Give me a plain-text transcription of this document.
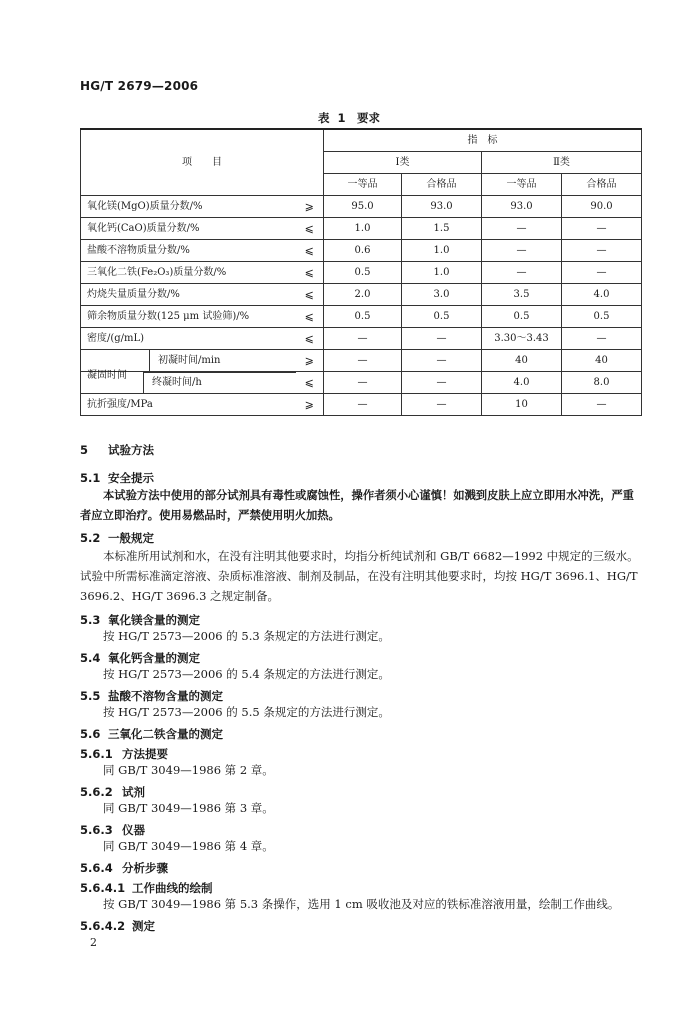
HG/T 2679—2006
表 1　要求
项　　目		指　标			
		Ⅰ类		Ⅱ类	
		一等品	合格品	一等品	合格品
氧化镁(MgO)质量分数/%	⩾	95.0	93.0	93.0	90.0
氧化钙(CaO)质量分数/%	⩽	1.0	1.5	—	—
盐酸不溶物质量分数/%	⩽	0.6	1.0	—	—
三氧化二铁(Fe₂O₃)质量分数/%	⩽	0.5	1.0	—	—
灼烧失量质量分数/%	⩽	2.0	3.0	3.5	4.0
筛余物质量分数(125 μm 试验筛)/%	⩽	0.5	0.5	0.5	0.5
密度/(g/mL)	⩽	—	—	3.30～3.43	—

凝固时间
初凝时间/min	⩾	—	—	40	40

终凝时间/h	⩽	—	—	4.0	8.0
抗折强度/MPa	⩾	—	—	10	—
5 试验方法
5.1 安全提示
本试验方法中使用的部分试剂具有毒性或腐蚀性，操作者须小心谨慎！如溅到皮肤上应立即用水冲洗，严重者应立即治疗。使用易燃品时，严禁使用明火加热。
5.2 一般规定
本标准所用试剂和水，在没有注明其他要求时，均指分析纯试剂和 GB/T 6682—1992 中规定的三级水。试验中所需标准滴定溶液、杂质标准溶液、制剂及制品，在没有注明其他要求时，均按 HG/T 3696.1、HG/T 3696.2、HG/T 3696.3 之规定制备。
5.3 氧化镁含量的测定
按 HG/T 2573—2006 的 5.3 条规定的方法进行测定。
5.4 氧化钙含量的测定
按 HG/T 2573—2006 的 5.4 条规定的方法进行测定。
5.5 盐酸不溶物含量的测定
按 HG/T 2573—2006 的 5.5 条规定的方法进行测定。
5.6 三氧化二铁含量的测定
5.6.1 方法提要
同 GB/T 3049—1986 第 2 章。
5.6.2 试剂
同 GB/T 3049—1986 第 3 章。
5.6.3 仪器
同 GB/T 3049—1986 第 4 章。
5.6.4 分析步骤
5.6.4.1 工作曲线的绘制
按 GB/T 3049—1986 第 5.3 条操作，选用 1 cm 吸收池及对应的铁标准溶液用量，绘制工作曲线。
5.6.4.2 测定
2
